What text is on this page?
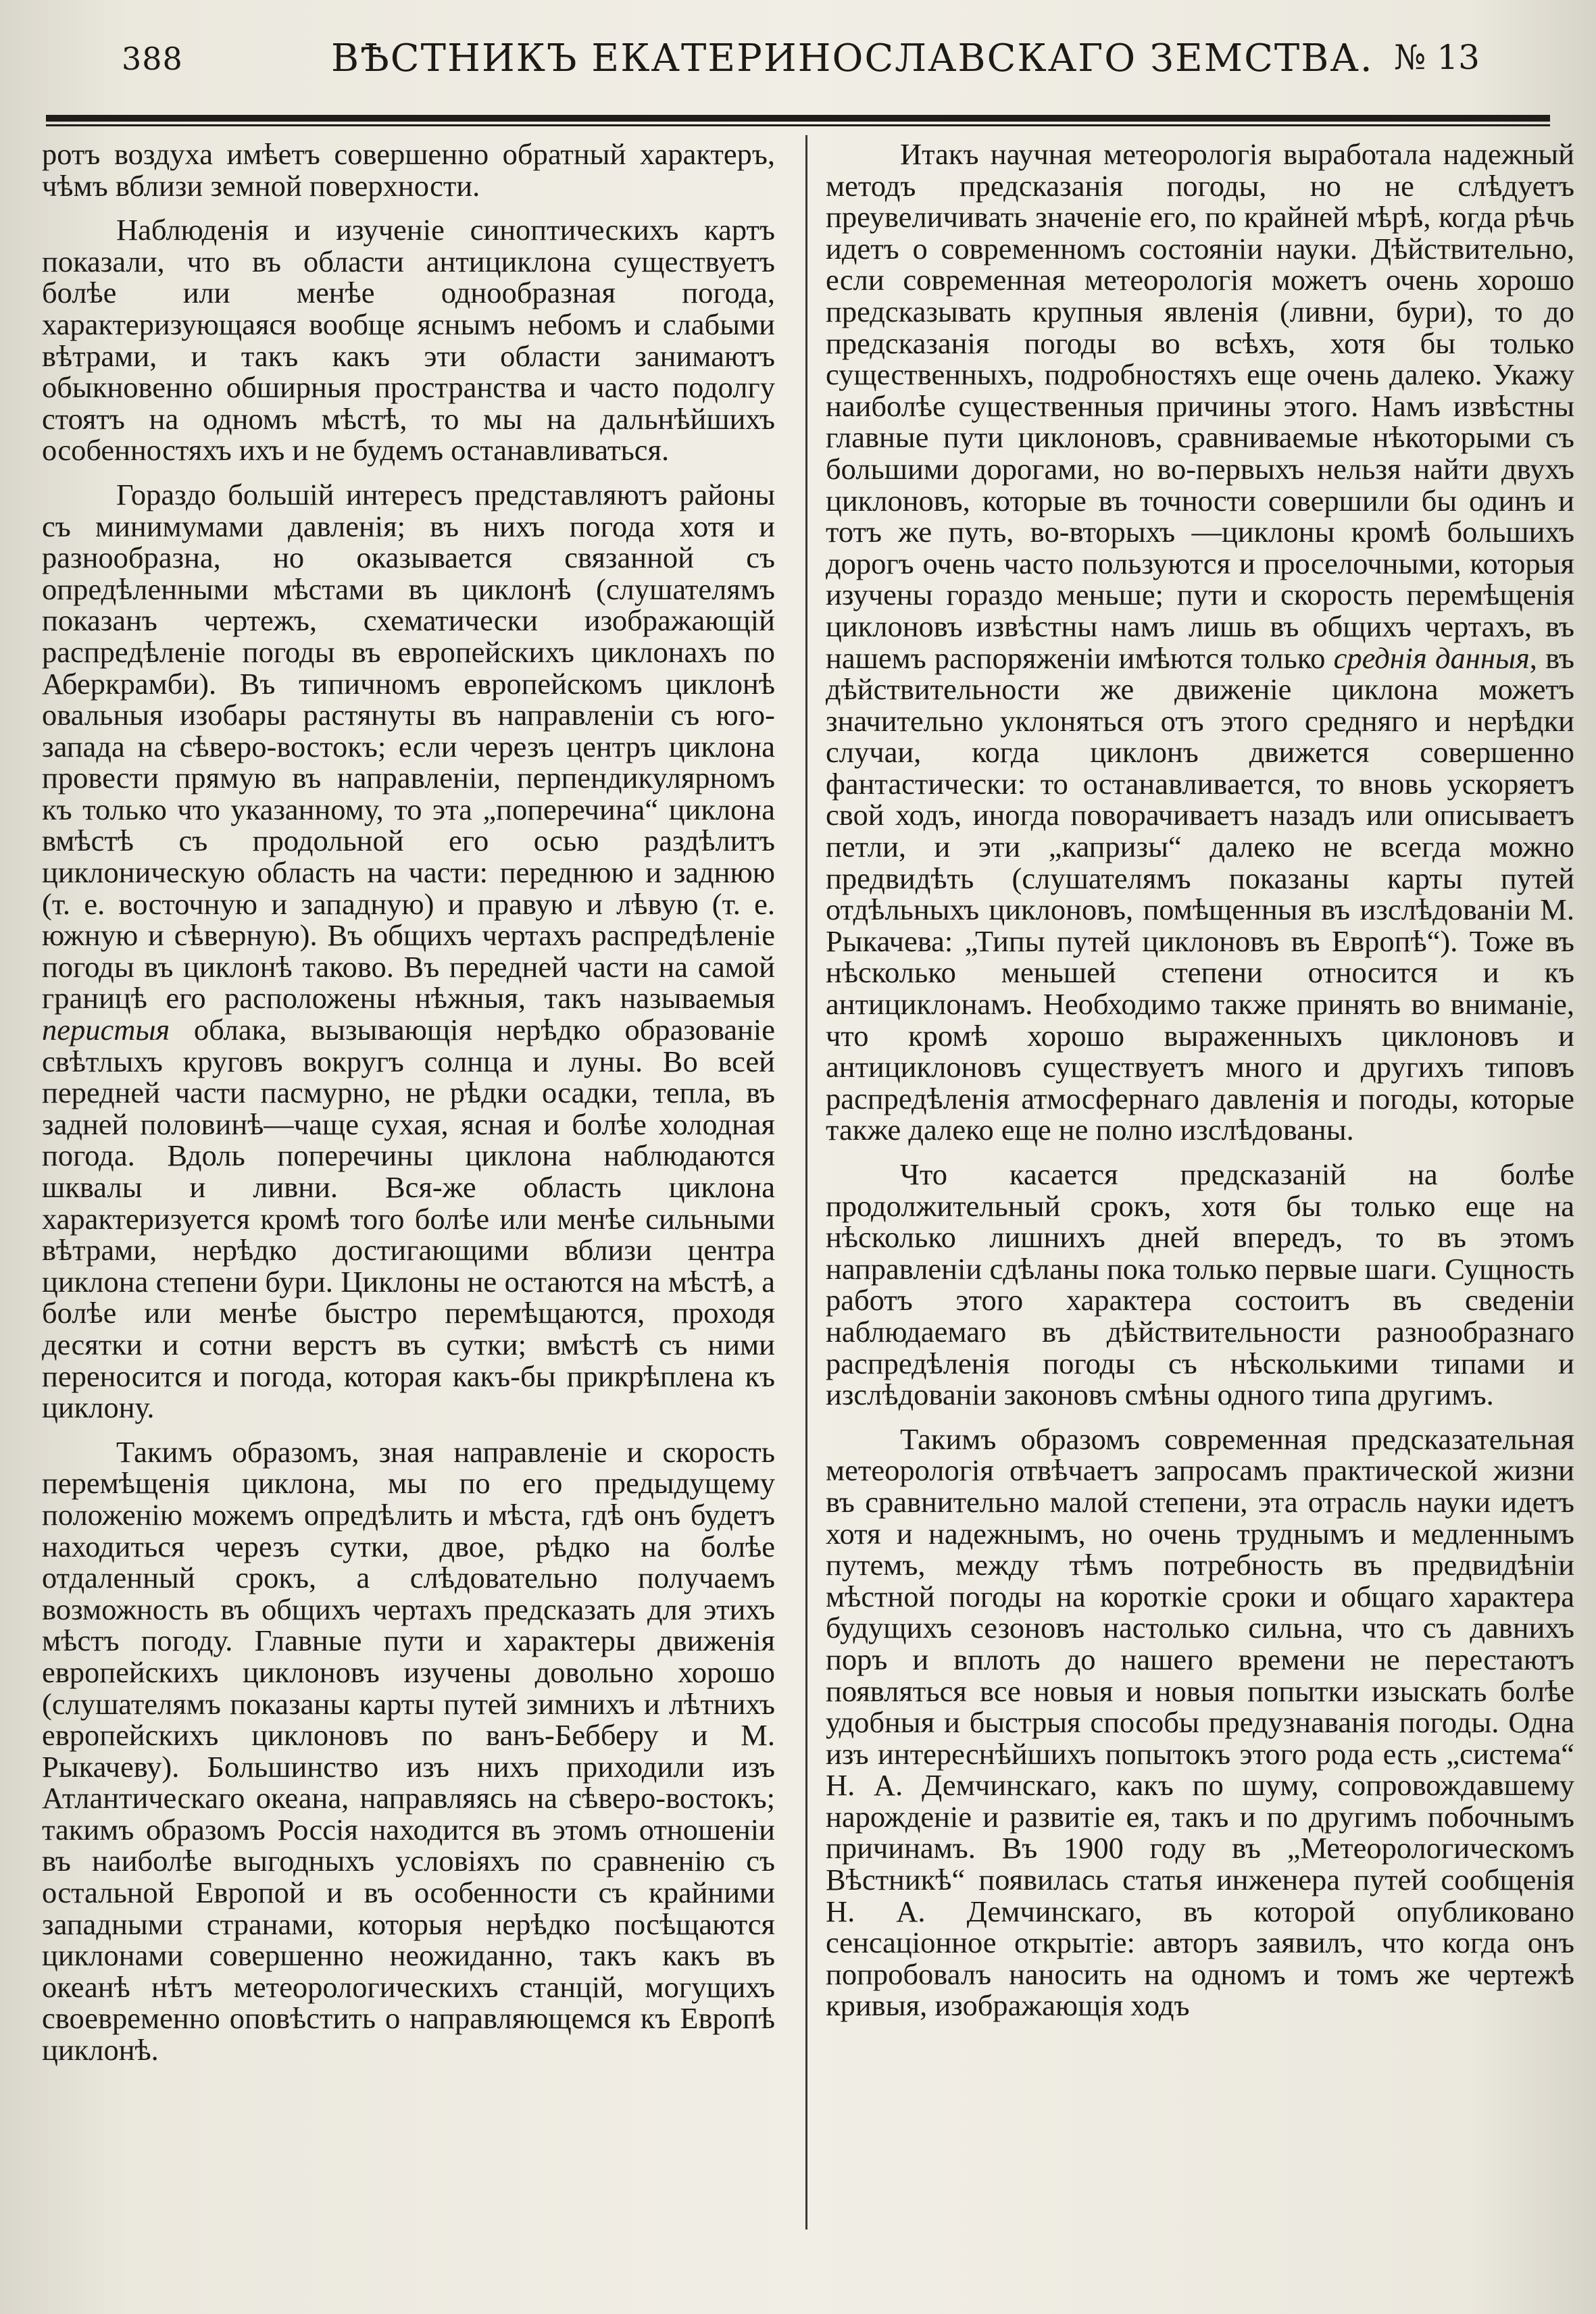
388	ВѢСТНИКЪ ЕКАТЕРИНОСЛАВСКАГО ЗЕМСТВА. № 13

ротъ воздуха имѣетъ совершенно обратный характеръ, чѣмъ вблизи земной поверхности.

Наблюденія и изученіе синоптическихъ картъ показали, что въ области антициклона существуетъ болѣе или менѣе однообразная погода, характеризующаяся вообще яснымъ небомъ и слабыми вѣтрами, и такъ какъ эти области занимаютъ обыкновенно обширныя пространства и часто подолгу стоятъ на одномъ мѣстѣ, то мы на дальнѣйшихъ особенностяхъ ихъ и не будемъ останавливаться.

Гораздо большій интересъ представляютъ районы съ минимумами давленія; въ нихъ погода хотя и разнообразна, но оказывается связанной съ опредѣленными мѣстами въ циклонѣ (слушателямъ показанъ чертежъ, схематически изображающій распредѣленіе погоды въ европейскихъ циклонахъ по Аберкрамби). Въ типичномъ европейскомъ циклонѣ овальныя изобары растянуты въ направленіи съ юго-запада на сѣверо-востокъ; если черезъ центръ циклона провести прямую въ направленіи, перпендикулярномъ къ только что указанному, то эта „поперечина“ циклона вмѣстѣ съ продольной его осью раздѣлитъ циклоническую область на части: переднюю и заднюю (т. е. восточную и западную) и правую и лѣвую (т. е. южную и сѣверную). Въ общихъ чертахъ распредѣленіе погоды въ циклонѣ таково. Въ передней части на самой границѣ его расположены нѣжныя, такъ называемыя перистыя облака, вызывающія нерѣдко образованіе свѣтлыхъ круговъ вокругъ солнца и луны. Во всей передней части пасмурно, не рѣдки осадки, тепла, въ задней половинѣ—чаще сухая, ясная и болѣе холодная погода. Вдоль поперечины циклона наблюдаются шквалы и ливни. Вся-же область циклона характеризуется кромѣ того болѣе или менѣе сильными вѣтрами, нерѣдко достигающими вблизи центра циклона степени бури. Циклоны не остаются на мѣстѣ, а болѣе или менѣе быстро перемѣщаются, проходя десятки и сотни верстъ въ сутки; вмѣстѣ съ ними переносится и погода, которая какъ-бы прикрѣплена къ циклону.

Такимъ образомъ, зная направленіе и скорость перемѣщенія циклона, мы по его предыдущему положенію можемъ опредѣлить и мѣста, гдѣ онъ будетъ находиться черезъ сутки, двое, рѣдко на болѣе отдаленный срокъ, а слѣдовательно получаемъ возможность въ общихъ чертахъ предсказать для этихъ мѣстъ погоду. Главные пути и характеры движенія европейскихъ циклоновъ изучены довольно хорошо (слушателямъ показаны карты путей зимнихъ и лѣтнихъ европейскихъ циклоновъ по ванъ-Бебберу и М. Рыкачеву). Большинство изъ нихъ приходили изъ Атлантическаго океана, направляясь на сѣверо-востокъ; такимъ образомъ Россія находится въ этомъ отношеніи въ наиболѣе выгодныхъ условіяхъ по сравненію съ остальной Европой и въ особенности съ крайними западными странами, которыя нерѣдко посѣщаются циклонами совершенно неожиданно, такъ какъ въ океанѣ нѣтъ метеорологическихъ станцій, могущихъ своевременно оповѣстить о направляющемся къ Европѣ циклонѣ.

Итакъ научная метеорологія выработала надежный методъ предсказанія погоды, но не слѣдуетъ преувеличивать значеніе его, по крайней мѣрѣ, когда рѣчь идетъ о современномъ состояніи науки. Дѣйствительно, если современная метеорологія можетъ очень хорошо предсказывать крупныя явленія (ливни, бури), то до предсказанія погоды во всѣхъ, хотя бы только существенныхъ, подробностяхъ еще очень далеко. Укажу наиболѣе существенныя причины этого. Намъ извѣстны главные пути циклоновъ, сравниваемые нѣкоторыми съ большими дорогами, но во-первыхъ нельзя найти двухъ циклоновъ, которые въ точности совершили бы одинъ и тотъ же путь, во-вторыхъ —циклоны кромѣ большихъ дорогъ очень часто пользуются и проселочными, которыя изучены гораздо меньше; пути и скорость перемѣщенія циклоновъ извѣстны намъ лишь въ общихъ чертахъ, въ нашемъ распоряженіи имѣются только среднія данныя, въ дѣйствительности же движеніе циклона можетъ значительно уклоняться отъ этого средняго и нерѣдки случаи, когда циклонъ движется совершенно фантастически: то останавливается, то вновь ускоряетъ свой ходъ, иногда поворачиваетъ назадъ или описываетъ петли, и эти „капризы“ далеко не всегда можно предвидѣть (слушателямъ показаны карты путей отдѣльныхъ циклоновъ, помѣщенныя въ изслѣдованіи М. Рыкачева: „Типы путей циклоновъ въ Европѣ“). Тоже въ нѣсколько меньшей степени относится и къ антициклонамъ. Необходимо также принять во вниманіе, что кромѣ хорошо выраженныхъ циклоновъ и антициклоновъ существуетъ много и другихъ типовъ распредѣленія атмосфернаго давленія и погоды, которые также далеко еще не полно изслѣдованы.

Что касается предсказаній на болѣе продолжительный срокъ, хотя бы только еще на нѣсколько лишнихъ дней впередъ, то въ этомъ направленіи сдѣланы пока только первые шаги. Сущность работъ этого характера состоитъ въ сведеніи наблюдаемаго въ дѣйствительности разнообразнаго распредѣленія погоды съ нѣсколькими типами и изслѣдованіи законовъ смѣны одного типа другимъ.

Такимъ образомъ современная предсказательная метеорологія отвѣчаетъ запросамъ практической жизни въ сравнительно малой степени, эта отрасль науки идетъ хотя и надежнымъ, но очень труднымъ и медленнымъ путемъ, между тѣмъ потребность въ предвидѣніи мѣстной погоды на короткіе сроки и общаго характера будущихъ сезоновъ настолько сильна, что съ давнихъ поръ и вплоть до нашего времени не перестаютъ появляться все новыя и новыя попытки изыскать болѣе удобныя и быстрыя способы предузнаванія погоды. Одна изъ интереснѣйшихъ попытокъ этого рода есть „система“ Н. А. Демчинскаго, какъ по шуму, сопровождавшему нарожденіе и развитіе ея, такъ и по другимъ побочнымъ причинамъ. Въ 1900 году въ „Метеорологическомъ Вѣстникѣ“ появилась статья инженера путей сообщенія Н. А. Демчинскаго, въ которой опубликовано сенсаціонное открытіе: авторъ заявилъ, что когда онъ попробовалъ наносить на одномъ и томъ же чертежѣ кривыя, изображающія ходъ
